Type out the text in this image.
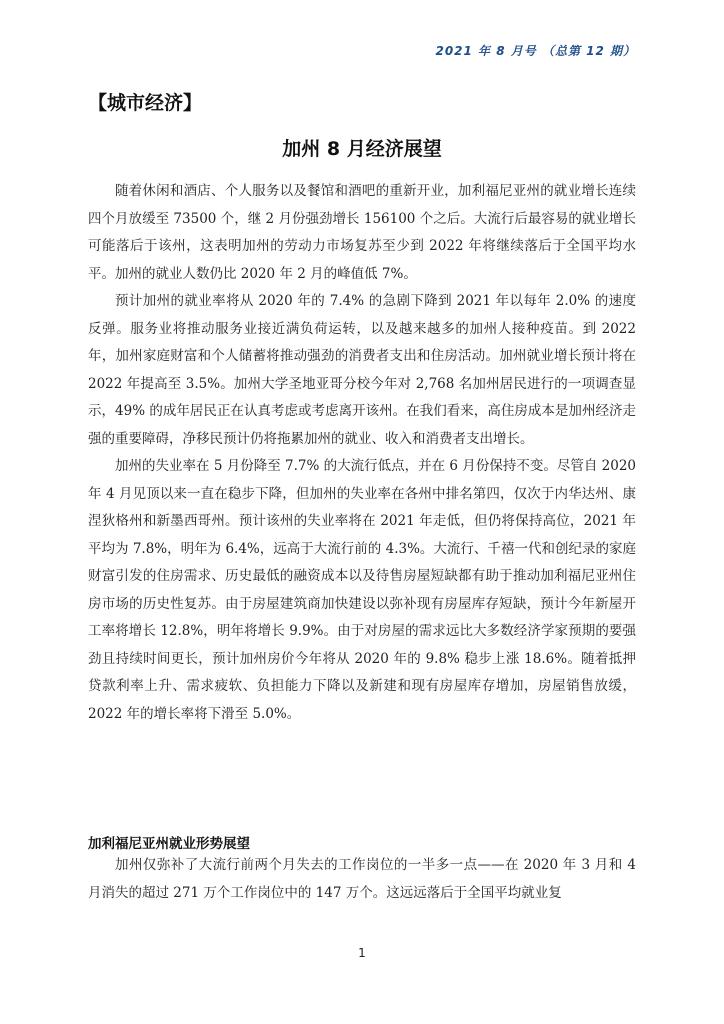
2021 年 8 月号 （总第 12 期）
【城市经济】
加州 8 月经济展望

随着休闲和酒店、个人服务以及餐馆和酒吧的重新开业，加利福尼亚州的就业增长连续四个月放缓至 73500 个，继 2 月份强劲增长 156100 个之后。大流行后最容易的就业增长可能落后于该州，这表明加州的劳动力市场复苏至少到 2022 年将继续落后于全国平均水平。加州的就业人数仍比 2020 年 2 月的峰值低 7%。

预计加州的就业率将从 2020 年的 7.4% 的急剧下降到 2021 年以每年 2.0% 的速度反弹。服务业将推动服务业接近满负荷运转，以及越来越多的加州人接种疫苗。到 2022 年，加州家庭财富和个人储蓄将推动强劲的消费者支出和住房活动。加州就业增长预计将在 2022 年提高至 3.5%。加州大学圣地亚哥分校今年对 2,768 名加州居民进行的一项调查显示，49% 的成年居民正在认真考虑或考虑离开该州。在我们看来，高住房成本是加州经济走强的重要障碍，净移民预计仍将拖累加州的就业、收入和消费者支出增长。

加州的失业率在 5 月份降至 7.7% 的大流行低点，并在 6 月份保持不变。尽管自 2020 年 4 月见顶以来一直在稳步下降，但加州的失业率在各州中排名第四，仅次于内华达州、康涅狄格州和新墨西哥州。预计该州的失业率将在 2021 年走低，但仍将保持高位，2021 年平均为 7.8%，明年为 6.4%，远高于大流行前的 4.3%。大流行、千禧一代和创纪录的家庭财富引发的住房需求、历史最低的融资成本以及待售房屋短缺都有助于推动加利福尼亚州住房市场的历史性复苏。由于房屋建筑商加快建设以弥补现有房屋库存短缺，预计今年新屋开工率将增长 12.8%，明年将增长 9.9%。由于对房屋的需求远比大多数经济学家预期的要强劲且持续时间更长，预计加州房价今年将从 2020 年的 9.8% 稳步上涨 18.6%。随着抵押贷款利率上升、需求疲软、负担能力下降以及新建和现有房屋库存增加，房屋销售放缓，2022 年的增长率将下滑至 5.0%。

加利福尼亚州就业形势展望

加州仅弥补了大流行前两个月失去的工作岗位的一半多一点——在 2020 年 3 月和 4 月消失的超过 271 万个工作岗位中的 147 万个。这远远落后于全国平均就业复

1
